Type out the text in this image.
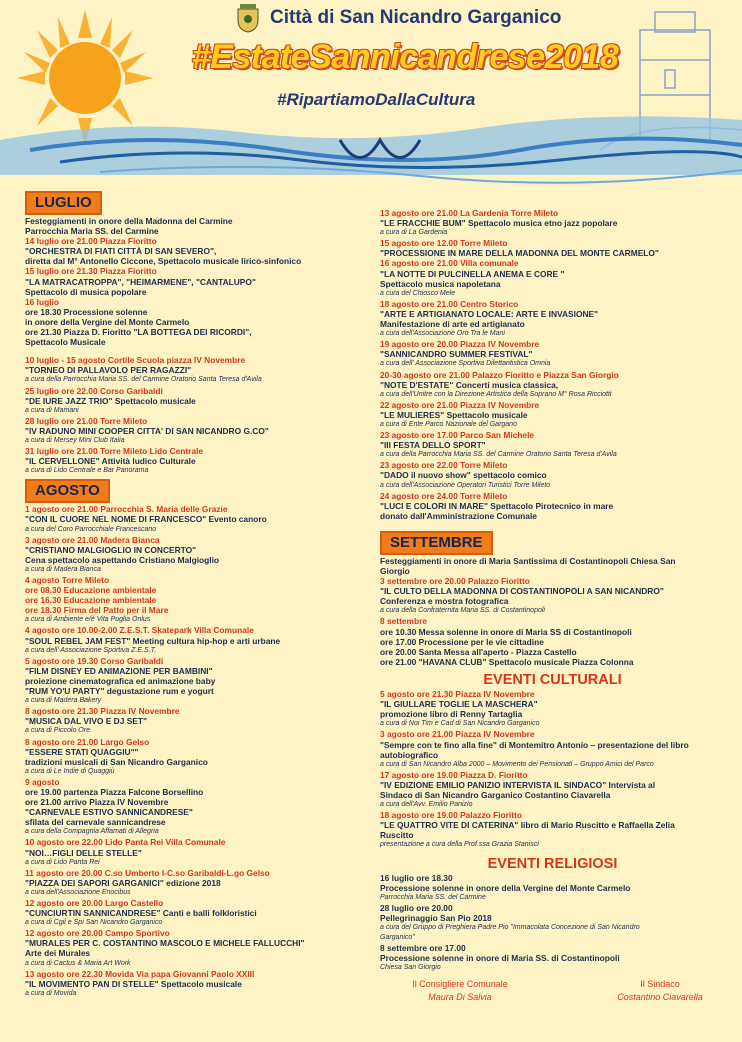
Città di San Nicandro Garganico
#EstateSannicandrese2018
#RipartiamoDallaCultura
LUGLIO
Festeggiamenti in onore della Madonna del Carmine
Parrocchia Maria SS. del Carmine
14 luglio ore 21.00 Piazza Fioritto
"ORCHESTRA DI FIATI CITTÀ DI SAN SEVERO",
diretta dal M° Antonello Ciccone, Spettacolo musicale lirico-sinfonico
15 luglio ore 21.30 Piazza Fioritto
"LA MATRACATROPPA", "HEIMARMENE", "CANTALUPO"
Spettacolo di musica popolare
16 luglio
ore 18.30 Processione solenne
in onore della Vergine del Monte Carmelo
ore 21.30 Piazza D. Fioritto "LA BOTTEGA DEI RICORDI",
Spettacolo Musicale
10 luglio - 15 agosto Cortile Scuola piazza IV Novembre
"TORNEO DI PALLAVOLO PER RAGAZZI"
a cura della Parrocchia Maria SS. del Carmine Oratorio Santa Teresa d'Avila
25 luglio ore 22.00 Corso Garibaldi
"DE IURE JAZZ TRIO" Spettacolo musicale
a cura di Mamani
28 luglio ore 21.00 Torre Mileto
"IV RADUNO MINI COOPER CITTA' DI SAN NICANDRO G.CO"
a cura di Mersey Mini Club Italia
31 luglio ore 21.00 Torre Mileto Lido Centrale
"IL CERVELLONE" Attività ludico Culturale
a cura di Lido Centrale e Bar Panorama
AGOSTO
1 agosto ore 21.00 Parrocchia S. Maria delle Grazie
"CON IL CUORE NEL NOME DI FRANCESCO" Evento canoro
a cura del Coro Parrocchiale Francescano
3 agosto ore 21.00 Madera Bianca
"CRISTIANO MALGIOGLIO IN CONCERTO"
Cena spettacolo aspettando Cristiano Malgioglio
a cura di Madera Bianca
4 agosto Torre Mileto
ore 08.30 Educazione ambientale
ore 16.30 Educazione ambientale
ore 18.30 Firma del Patto per il Mare
a cura di Ambiente e/è Vita Puglia Onlus
4 agosto ore 10.00-2.00 Z.E.S.T. Skatepark Villa Comunale
"SOUL REBEL JAM FEST" Meeting cultura hip-hop e arti urbane
a cura dell' Associazione Sportiva Z.E.S.T.
5 agosto ore 19.30 Corso Garibaldi
"FILM DISNEY ED ANIMAZIONE PER BAMBINI"
proiezione cinematografica ed animazione baby
"RUM YO'U PARTY" degustazione rum e yogurt
a cura di Madera Bakery
8 agosto ore 21.30 Piazza IV Novembre
"MUSICA DAL VIVO E DJ SET"
a cura di Piccolo Ore
8 agosto ore 21.00 Largo Gelso
"ESSERE STATI QUAGGIU""
tradizioni musicali di San Nicandro Garganico
a cura di Le Indie di Quaggiù
9 agosto
ore 19.00 partenza Piazza Falcone Borsellino
ore 21.00 arrivo Piazza IV Novembre
"CARNEVALE ESTIVO SANNICANDRESE"
sfilata del carnevale sannicandrese
a cura della Compagnia Affamati di Allegria
10 agosto ore 22.00 Lido Panta Rei Villa Comunale
"NOI…FIGLI DELLE STELLE"
a cura di Lido Panta Rei
11 agosto ore 20.00 C.so Umberto I-C.so Garibaldi-L.go Gelso
"PIAZZA DEI SAPORI GARGANICI" edizione 2018
a cura dell'Associazione Enocibus
12 agosto ore 20.00 Largo Castello
"CUNCIURTIN SANNICANDRESE" Canti e balli folkloristici
a cura di Cgil e Spi San Nicandro Garganico
12 agosto ore 20.00 Campo Sportivo
"MURALES PER C. COSTANTINO MASCOLO E MICHELE FALLUCCHI"
Arte dei Murales
a cura di Cactus & Maria Art Work
13 agosto ore 22.30 Movida Via papa Giovanni Paolo XXIII
"IL MOVIMENTO PAN DI STELLE" Spettacolo musicale
a cura di Movida
13 agosto ore 21.00 La Gardenia Torre Mileto
"LE FRACCHIE BUM" Spettacolo musica etno jazz popolare
a cura di La Gardenia
15 agosto ore 12.00 Torre Mileto
"PROCESSIONE IN MARE DELLA MADONNA DEL MONTE CARMELO"
16 agosto ore 21.00 Villa comunale
"LA NOTTE DI PULCINELLA ANEMA E CORE "
Spettacolo musica napoletana
a cura del Chiosco Mele
18 agosto ore 21.00 Centro Storico
"ARTE E ARTIGIANATO LOCALE: ARTE E INVASIONE"
Manifestazione di arte ed artigianato
a cura dell'Associazione Oro Tra le Mani
19 agosto ore 20.00 Piazza IV Novembre
"SANNICANDRO SUMMER FESTIVAL"
a cura dell' Associazione Sportiva Dilettantistica Omnia
20-30 agosto ore 21.00 Palazzo Fioritto e Piazza San Giorgio
"NOTE D'ESTATE" Concerti musica classica,
a cura dell'Unitre con la Direzione Artistica della Soprano M° Rosa Ricciotti
22 agosto ore 21.00 Piazza IV Novembre
"LE MULIERES" Spettacolo musicale
a cura di Ente Parco Nazionale del Gargano
23 agosto ore 17.00 Parco San Michele
"III FESTA DELLO SPORT"
a cura della Parrocchia Maria SS. del Carmine Oratorio Santa Teresa d'Avila
23 agosto ore 22.00 Torre Mileto
"DADO il nuovo show" spettacolo comico
a cura dell'Associazione Operatori Turistici Torre Mileto
24 agosto ore 24.00 Torre Mileto
"LUCI E COLORI IN MARE" Spettacolo Pirotecnico in mare
donato dall'Amministrazione Comunale
SETTEMBRE
Festeggiamenti in onore di Maria Santissima di Costantinopoli Chiesa San
Giorgio
3 settembre ore 20.00 Palazzo Fioritto
"IL CULTO DELLA MADONNA DI COSTANTINOPOLI A SAN NICANDRO"
Conferenza e mostra fotografica
a cura della Confraternita Maria SS. di Costantinopoli
8 settembre
ore 10.30 Messa solenne in onore di Maria SS di Costantinopoli
ore 17.00 Processione per le vie cittadine
ore 20.00 Santa Messa all'aperto - Piazza Castello
ore 21.00 "HAVANA CLUB" Spettacolo musicale Piazza Colonna
EVENTI CULTURALI
5 agosto ore 21.30 Piazza IV Novembre
"IL GIULLARE TOGLIE LA MASCHERA"
promozione libro di Renny Tartaglia
a cura di Noi Tim e Cad di San Nicandro Garganico
3 agosto ore 21.00 Piazza IV Novembre
"Sempre con te fino alla fine" di Montemitro Antonio – presentazione del libro
autobiografico
a cura di San Nicandro Alba 2000 – Movimento dei Pensionati – Gruppo Amici del Parco
17 agosto ore 19.00 Piazza D. Fioritto
"IV EDIZIONE EMILIO PANIZIO INTERVISTA IL SINDACO" Intervista al
Sindaco di San Nicandro Garganico Costantino Ciavarella
a cura dell'Avv. Emilio Panizio
18 agosto ore 19.00 Palazzo Fioritto
"LE QUATTRO VITE DI CATERINA" libro di Mario Ruscitto e Raffaella Zelia
Ruscitto
presentazione a cura della Prof.ssa Grazia Stanisci
EVENTI RELIGIOSI
16 luglio ore 18.30
Processione solenne in onore della Vergine del Monte Carmelo
Parrocchia Maria SS. del Carmine
28 luglio ore 20.00
Pellegrinaggio San Pio 2018
a cura del Gruppo di Preghiera Padre Pio "Immacolata Concezione di San Nicandro
Garganico"
8 settembre ore 17.00
Processione solenne in onore di Maria SS. di Costantinopoli
Chiesa San Giorgio
Il Consigliere Comunale
Maura Di Salvia
Il Sindaco
Costantino Ciavarella
